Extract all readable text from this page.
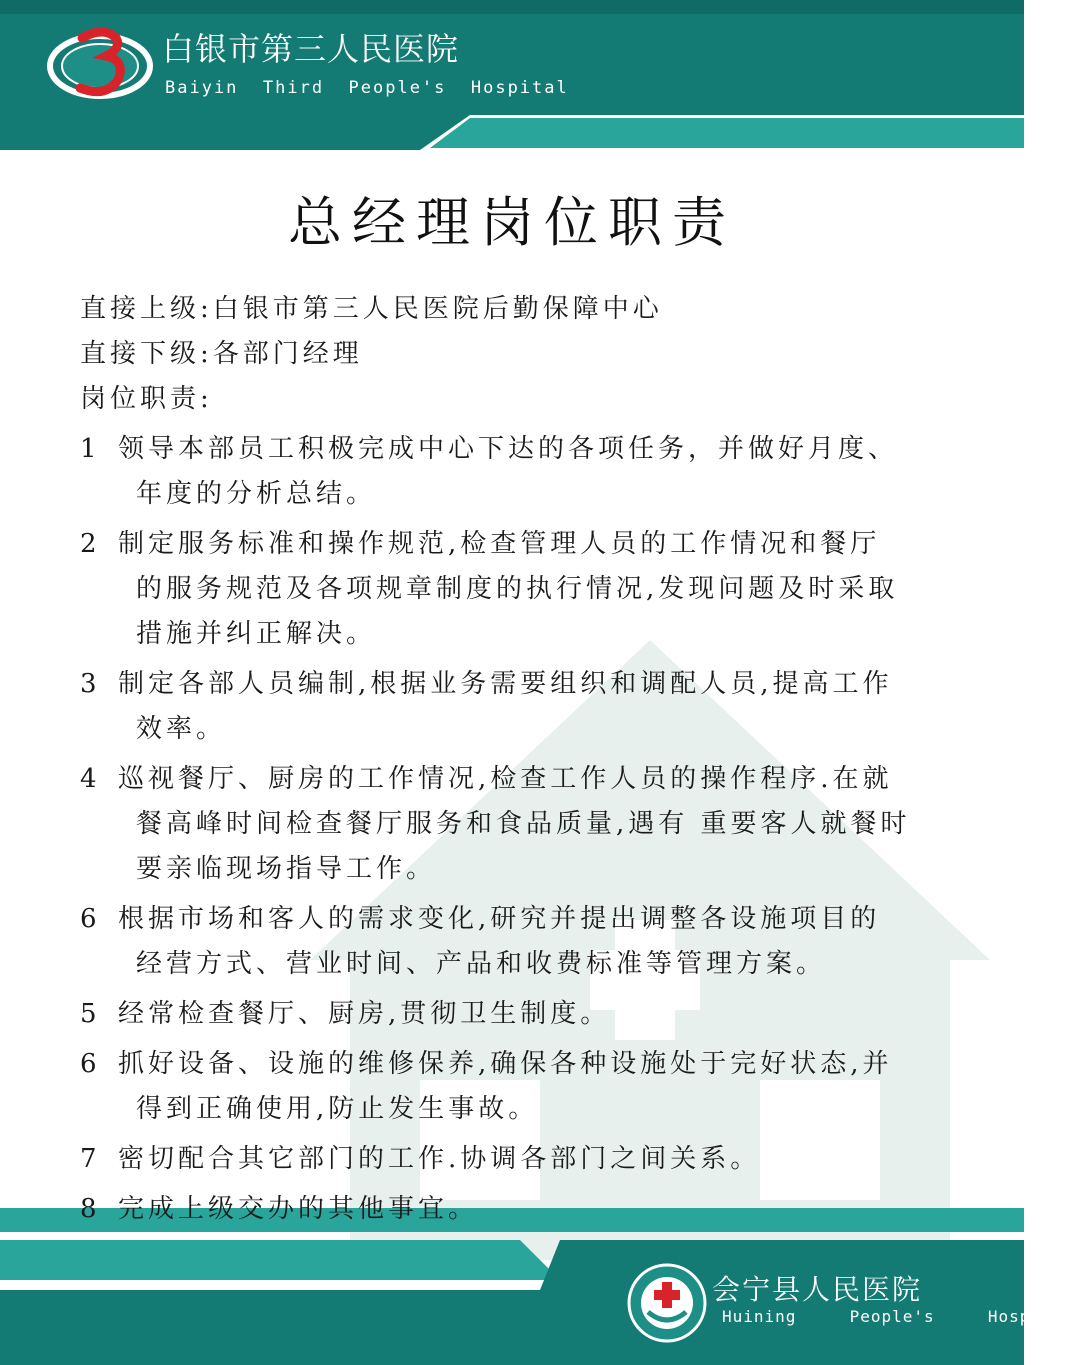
白银市第三人民医院
Baiyin  Third  People's  Hospital
总经理岗位职责
直接上级:白银市第三人民医院后勤保障中心
直接下级:各部门经理
岗位职责:
1 领导本部员工积极完成中心下达的各项任务，并做好月度、
年度的分析总结。
2 制定服务标准和操作规范,检查管理人员的工作情况和餐厅
的服务规范及各项规章制度的执行情况,发现问题及时采取
措施并纠正解决。
3 制定各部人员编制,根据业务需要组织和调配人员,提高工作
效率。
4 巡视餐厅、厨房的工作情况,检查工作人员的操作程序.在就
餐高峰时间检查餐厅服务和食品质量,遇有 重要客人就餐时
要亲临现场指导工作。
6 根据市场和客人的需求变化,研究并提出调整各设施项目的
经营方式、营业时间、产品和收费标准等管理方案。
5 经常检查餐厅、厨房,贯彻卫生制度。
6 抓好设备、设施的维修保养,确保各种设施处于完好状态,并
得到正确使用,防止发生事故。
7 密切配合其它部门的工作.协调各部门之间关系。
8 完成上级交办的其他事宜。
会宁县人民医院
Huining     People's     Hospital
